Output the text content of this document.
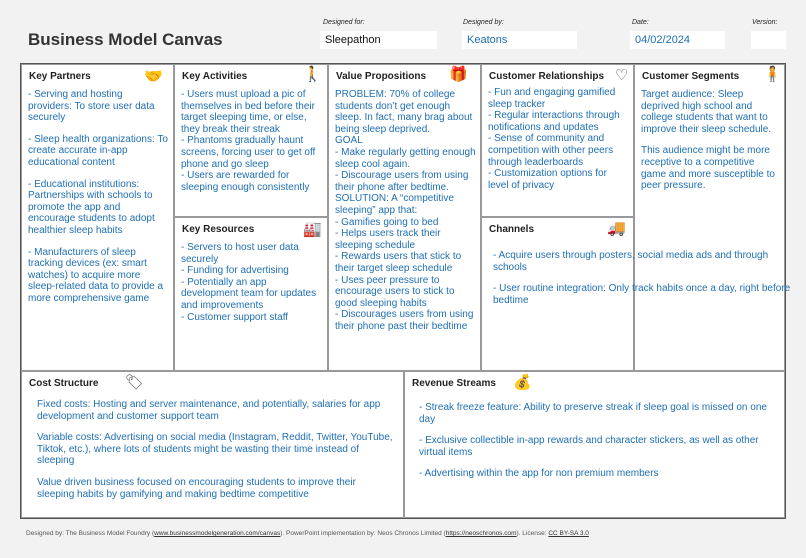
Business Model Canvas
Designed for:
Sleepathon
Designed by:
Keatons
Date:
04/02/2024
Version:
Key Partners	🤝

- Serving and hosting providers: To store user data securely

- Sleep health organizations: To create accurate in-app educational content

- Educational institutions: Partnerships with schools to promote the app and encourage students to adopt healthier sleep habits

- Manufacturers of sleep tracking devices (ex: smart watches) to acquire more sleep-related data to provide a more comprehensive game

Key Activities	🚶

- Users must upload a pic of themselves in bed before their target sleeping time, or else, they break their streak

- Phantoms gradually haunt screens, forcing user to get off phone and go sleep

- Users are rewarded for sleeping enough consistently

Key Resources	🏭

- Servers to host user data securely

- Funding for advertising

- Potentially an app development team for updates and improvements

- Customer support staff

Value Propositions 🎁

PROBLEM: 70% of college students don’t get enough sleep. In fact, many brag about being sleep deprived.

GOAL

- Make regularly getting enough sleep cool again.

- Discourage users from using their phone after bedtime.

SOLUTION: A “competitive sleeping” app that:

- Gamifies going to bed

- Helps users track their sleeping schedule

- Rewards users that stick to their target sleep schedule

- Uses peer pressure to encourage users to stick to good sleeping habits

- Discourages users from using their phone past their bedtime

Customer Relationships ♡

- Fun and engaging gamified sleep tracker

- Regular interactions through notifications and updates

- Sense of community and competition with other peers through leaderboards

- Customization options for level of privacy

Channels	🚚

- Acquire users through posters, social media ads and through schools

- User routine integration: Only track habits once a day, right before bedtime

Customer Segments 🧍

Target audience: Sleep deprived high school and college students that want to improve their sleep schedule.

This audience might be more receptive to a competitive game and more susceptible to peer pressure.

Cost Structure 🏷

Fixed costs: Hosting and server maintenance, and potentially, salaries for app development and customer support team

Variable costs: Advertising on social media (Instagram, Reddit, Twitter, YouTube, Tiktok, etc.), where lots of students might be wasting their time instead of sleeping

Value driven business focused on encouraging students to improve their sleeping habits by gamifying and making bedtime competitive

Revenue Streams 💰

- Streak freeze feature: Ability to preserve streak if sleep goal is missed on one day

- Exclusive collectible in-app rewards and character stickers, as well as other virtual items

- Advertising within the app for non premium members

Designed by: The Business Model Foundry (www.businessmodelgeneration.com/canvas). PowerPoint implementation by: Neos Chronos Limited (https://neoschronos.com). License: CC BY-SA 3.0
